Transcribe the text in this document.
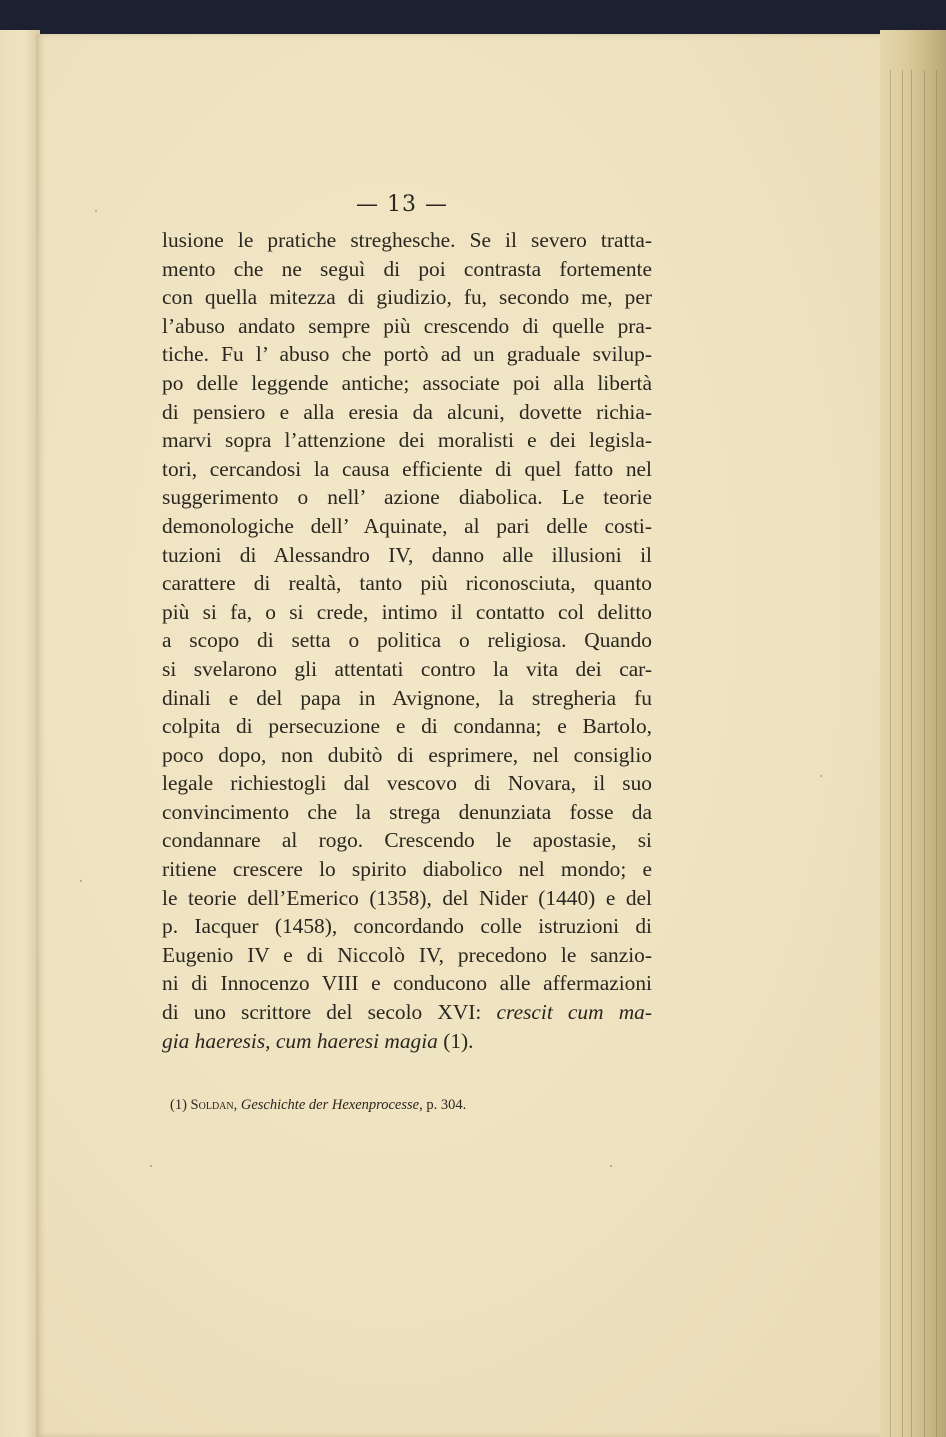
— 13 —
lusione le pratiche streghesche. Se il severo tratta-
mento che ne seguì di poi contrasta fortemente
con quella mitezza di giudizio, fu, secondo me, per
l’abuso andato sempre più crescendo di quelle pra-
tiche. Fu l’ abuso che portò ad un graduale svilup-
po delle leggende antiche; associate poi alla libertà
di pensiero e alla eresia da alcuni, dovette richia-
marvi sopra l’attenzione dei moralisti e dei legisla-
tori, cercandosi la causa efficiente di quel fatto nel
suggerimento o nell’ azione diabolica. Le teorie
demonologiche dell’ Aquinate, al pari delle costi-
tuzioni di Alessandro IV, danno alle illusioni il
carattere di realtà, tanto più riconosciuta, quanto
più si fa, o si crede, intimo il contatto col delitto
a scopo di setta o politica o religiosa. Quando
si svelarono gli attentati contro la vita dei car-
dinali e del papa in Avignone, la stregheria fu
colpita di persecuzione e di condanna; e Bartolo,
poco dopo, non dubitò di esprimere, nel consiglio
legale richiestogli dal vescovo di Novara, il suo
convincimento che la strega denunziata fosse da
condannare al rogo. Crescendo le apostasie, si
ritiene crescere lo spirito diabolico nel mondo; e
le teorie dell’Emerico (1358), del Nider (1440) e del
p. Iacquer (1458), concordando colle istruzioni di
Eugenio IV e di Niccolò IV, precedono le sanzio-
ni di Innocenzo VIII e conducono alle affermazioni
di uno scrittore del secolo XVI: crescit cum ma-
gia haeresis, cum haeresi magia (1).
(1) Soldan, Geschichte der Hexenprocesse, p. 304.
